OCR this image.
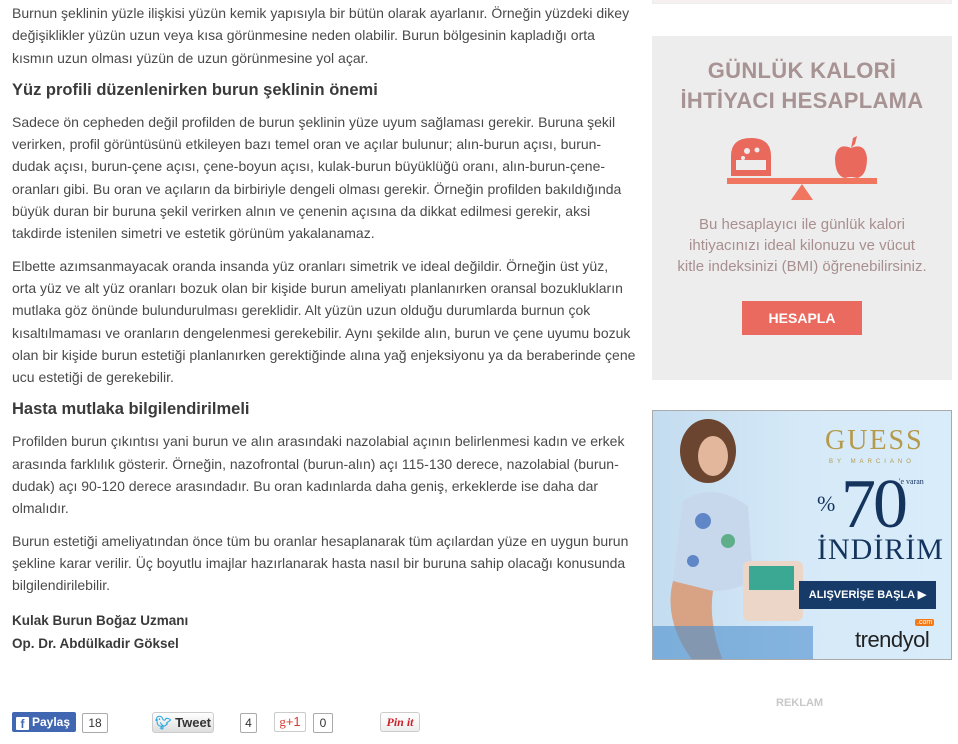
Burnun şeklinin yüzle ilişkisi yüzün kemik yapısıyla bir bütün olarak ayarlanır. Örneğin yüzdeki dikey değişiklikler yüzün uzun veya kısa görünmesine neden olabilir. Burun bölgesinin kapladığı orta kısmın uzun olması yüzün de uzun görünmesine yol açar.

Yüz profili düzenlenirken burun şeklinin önemi

Sadece ön cepheden değil profilden de burun şeklinin yüze uyum sağlaması gerekir. Buruna şekil verirken, profil görüntüsünü etkileyen bazı temel oran ve açılar bulunur; alın-burun açısı, burun-dudak açısı, burun-çene açısı, çene-boyun açısı, kulak-burun büyüklüğü oranı, alın-burun-çene-oranları gibi. Bu oran ve açıların da birbiriyle dengeli olması gerekir. Örneğin profilden bakıldığında büyük duran bir buruna şekil verirken alnın ve çenenin açısına da dikkat edilmesi gerekir, aksi takdirde istenilen simetri ve estetik görünüm yakalanamaz.

Elbette azımsanmayacak oranda insanda yüz oranları simetrik ve ideal değildir. Örneğin üst yüz, orta yüz ve alt yüz oranları bozuk olan bir kişide burun ameliyatı planlanırken oransal bozuklukların mutlaka göz önünde bulundurulması gereklidir. Alt yüzün uzun olduğu durumlarda burnun çok kısaltılmaması ve oranların dengelenmesi gerekebilir. Aynı şekilde alın, burun ve çene uyumu bozuk olan bir kişide burun estetiği planlanırken gerektiğinde alına yağ enjeksiyonu ya da beraberinde çene ucu estetiği de gerekebilir.

Hasta mutlaka bilgilendirilmeli

Profilden burun çıkıntısı yani burun ve alın arasındaki nazolabial açının belirlenmesi kadın ve erkek arasında farklılık gösterir. Örneğin, nazofrontal (burun-alın) açı 115-130 derece, nazolabial (burun-dudak) açı 90-120 derece arasındadır. Bu oran kadınlarda daha geniş, erkeklerde ise daha dar olmalıdır.

Burun estetiği ameliyatından önce tüm bu oranlar hesaplanarak tüm açılardan yüze en uygun burun şekline karar verilir. Üç boyutlu imajlar hazırlanarak hasta nasıl bir buruna sahip olacağı konusunda bilgilendirilebilir.

Kulak Burun Boğaz Uzmanı
Op. Dr. Abdülkadir Göksel
GÜNLÜK KALORİ İHTİYACI HESAPLAMA

Bu hesaplayıcı ile günlük kalori ihtiyacınızı ideal kilonuzu ve vücut kitle indeksinizi (BMI) öğrenebilirsiniz.

HESAPLA
GUESS
BY MARCIANO
% 70
'e varan
İNDİRİM
ALIŞVERİŞE BAŞLA ▶
trendyol
.com
REKLAM
f Paylaş	18	🐦︎ Tweet	4	g+1	0	Pin it
